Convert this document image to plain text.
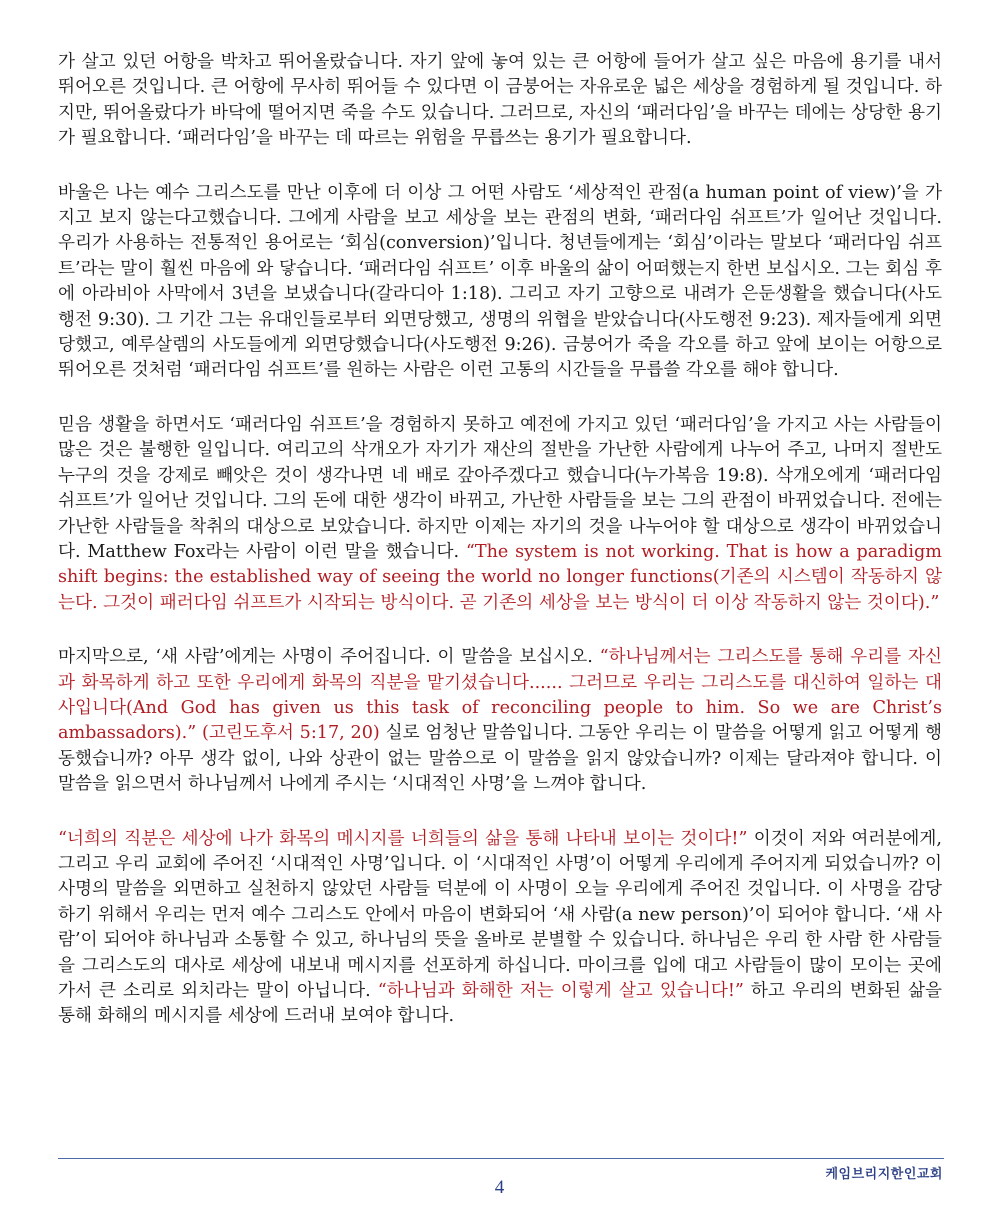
가 살고 있던 어항을 박차고 뛰어올랐습니다. 자기 앞에 놓여 있는 큰 어항에 들어가 살고 싶은 마음에 용기를 내서 뛰어오른 것입니다. 큰 어항에 무사히 뛰어들 수 있다면 이 금붕어는 자유로운 넓은 세상을 경험하게 될 것입니다. 하지만, 뛰어올랐다가 바닥에 떨어지면 죽을 수도 있습니다. 그러므로, 자신의 ‘패러다임’을 바꾸는 데에는 상당한 용기가 필요합니다. ‘패러다임’을 바꾸는 데 따르는 위험을 무릅쓰는 용기가 필요합니다.

바울은 나는 예수 그리스도를 만난 이후에 더 이상 그 어떤 사람도 ‘세상적인 관점(a human point of view)’을 가지고 보지 않는다고했습니다. 그에게 사람을 보고 세상을 보는 관점의 변화, ‘패러다임 쉬프트’가 일어난 것입니다. 우리가 사용하는 전통적인 용어로는 ‘회심(conversion)’입니다. 청년들에게는 ‘회심’이라는 말보다 ‘패러다임 쉬프트’라는 말이 훨씬 마음에 와 닿습니다. ‘패러다임 쉬프트’ 이후 바울의 삶이 어떠했는지 한번 보십시오. 그는 회심 후에 아라비아 사막에서 3년을 보냈습니다(갈라디아 1:18). 그리고 자기 고향으로 내려가 은둔생활을 했습니다(사도행전 9:30). 그 기간 그는 유대인들로부터 외면당했고, 생명의 위협을 받았습니다(사도행전 9:23). 제자들에게 외면당했고, 예루살렘의 사도들에게 외면당했습니다(사도행전 9:26). 금붕어가 죽을 각오를 하고 앞에 보이는 어항으로 뛰어오른 것처럼 ‘패러다임 쉬프트’를 원하는 사람은 이런 고통의 시간들을 무릅쓸 각오를 해야 합니다.

믿음 생활을 하면서도 ‘패러다임 쉬프트’을 경험하지 못하고 예전에 가지고 있던 ‘패러다임’을 가지고 사는 사람들이 많은 것은 불행한 일입니다. 여리고의 삭개오가 자기가 재산의 절반을 가난한 사람에게 나누어 주고, 나머지 절반도 누구의 것을 강제로 빼앗은 것이 생각나면 네 배로 갚아주겠다고 했습니다(누가복음 19:8). 삭개오에게 ‘패러다임 쉬프트’가 일어난 것입니다. 그의 돈에 대한 생각이 바뀌고, 가난한 사람들을 보는 그의 관점이 바뀌었습니다. 전에는 가난한 사람들을 착취의 대상으로 보았습니다. 하지만 이제는 자기의 것을 나누어야 할 대상으로 생각이 바뀌었습니다. Matthew Fox라는 사람이 이런 말을 했습니다. “The system is not working. That is how a paradigm shift begins: the established way of seeing the world no longer functions(기존의 시스템이 작동하지 않는다. 그것이 패러다임 쉬프트가 시작되는 방식이다. 곧 기존의 세상을 보는 방식이 더 이상 작동하지 않는 것이다).”

마지막으로, ‘새 사람’에게는 사명이 주어집니다. 이 말씀을 보십시오. “하나님께서는 그리스도를 통해 우리를 자신과 화목하게 하고 또한 우리에게 화목의 직분을 맡기셨습니다...... 그러므로 우리는 그리스도를 대신하여 일하는 대사입니다(And God has given us this task of reconciling people to him. So we are Christ’s ambassadors).” (고린도후서 5:17, 20) 실로 엄청난 말씀입니다. 그동안 우리는 이 말씀을 어떻게 읽고 어떻게 행동했습니까? 아무 생각 없이, 나와 상관이 없는 말씀으로 이 말씀을 읽지 않았습니까? 이제는 달라져야 합니다. 이 말씀을 읽으면서 하나님께서 나에게 주시는 ‘시대적인 사명’을 느껴야 합니다.

“너희의 직분은 세상에 나가 화목의 메시지를 너희들의 삶을 통해 나타내 보이는 것이다!” 이것이 저와 여러분에게, 그리고 우리 교회에 주어진 ‘시대적인 사명’입니다. 이 ‘시대적인 사명’이 어떻게 우리에게 주어지게 되었습니까? 이 사명의 말씀을 외면하고 실천하지 않았던 사람들 덕분에 이 사명이 오늘 우리에게 주어진 것입니다. 이 사명을 감당하기 위해서 우리는 먼저 예수 그리스도 안에서 마음이 변화되어 ‘새 사람(a new person)’이 되어야 합니다. ‘새 사람’이 되어야 하나님과 소통할 수 있고, 하나님의 뜻을 올바로 분별할 수 있습니다. 하나님은 우리 한 사람 한 사람들을 그리스도의 대사로 세상에 내보내 메시지를 선포하게 하십니다. 마이크를 입에 대고 사람들이 많이 모이는 곳에 가서 큰 소리로 외치라는 말이 아닙니다. “하나님과 화해한 저는 이렇게 살고 있습니다!” 하고 우리의 변화된 삶을 통해 화해의 메시지를 세상에 드러내 보여야 합니다.

케임브리지한인교회
4
